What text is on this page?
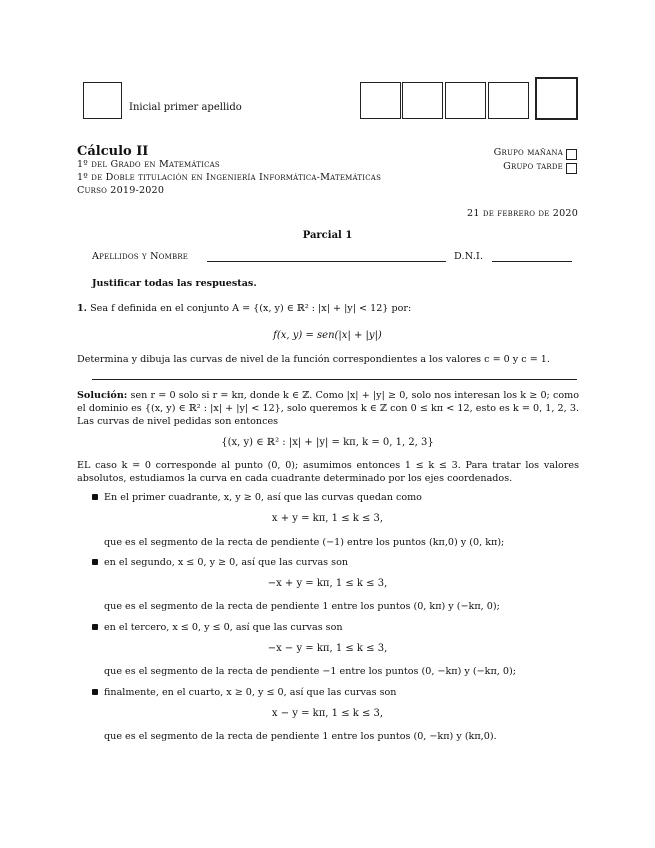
Inicial primer apellido
Cálculo II
1º del Grado en Matemáticas
1º de Doble titulación en Ingeniería Informática-Matemáticas
Curso 2019-2020
Grupo mañana
Grupo tarde
21 de febrero de 2020
Parcial 1
Apellidos y Nombre	D.N.I.
Justificar todas las respuestas.
1. Sea f definida en el conjunto A = {(x, y) ∈ ℝ² : |x| + |y| < 12} por:
f(x, y) = sen(|x| + |y|)
Determina y dibuja las curvas de nivel de la función correspondientes a los valores c = 0 y c = 1.
Solución: sen r = 0 solo si r = kπ, donde k ∈ ℤ. Como |x| + |y| ≥ 0, solo nos interesan los k ≥ 0; como el dominio es {(x, y) ∈ ℝ² : |x| + |y| < 12}, solo queremos k ∈ ℤ con 0 ≤ kπ < 12, esto es k = 0, 1, 2, 3. Las curvas de nivel pedidas son entonces
{(x, y) ∈ ℝ² : |x| + |y| = kπ, k = 0, 1, 2, 3}
EL caso k = 0 corresponde al punto (0, 0); asumimos entonces 1 ≤ k ≤ 3. Para tratar los valores absolutos, estudiamos la curva en cada cuadrante determinado por los ejes coordenados.
En el primer cuadrante, x, y ≥ 0, así que las curvas quedan como
x + y = kπ, 1 ≤ k ≤ 3,
que es el segmento de la recta de pendiente (−1) entre los puntos (kπ,0) y (0, kπ);
en el segundo, x ≤ 0, y ≥ 0, así que las curvas son
−x + y = kπ, 1 ≤ k ≤ 3,
que es el segmento de la recta de pendiente 1 entre los puntos (0, kπ) y (−kπ, 0);
en el tercero, x ≤ 0, y ≤ 0, así que las curvas son
−x − y = kπ, 1 ≤ k ≤ 3,
que es el segmento de la recta de pendiente −1 entre los puntos (0, −kπ) y (−kπ, 0);
finalmente, en el cuarto, x ≥ 0, y ≤ 0, así que las curvas son
x − y = kπ, 1 ≤ k ≤ 3,
que es el segmento de la recta de pendiente 1 entre los puntos (0, −kπ) y (kπ,0).
